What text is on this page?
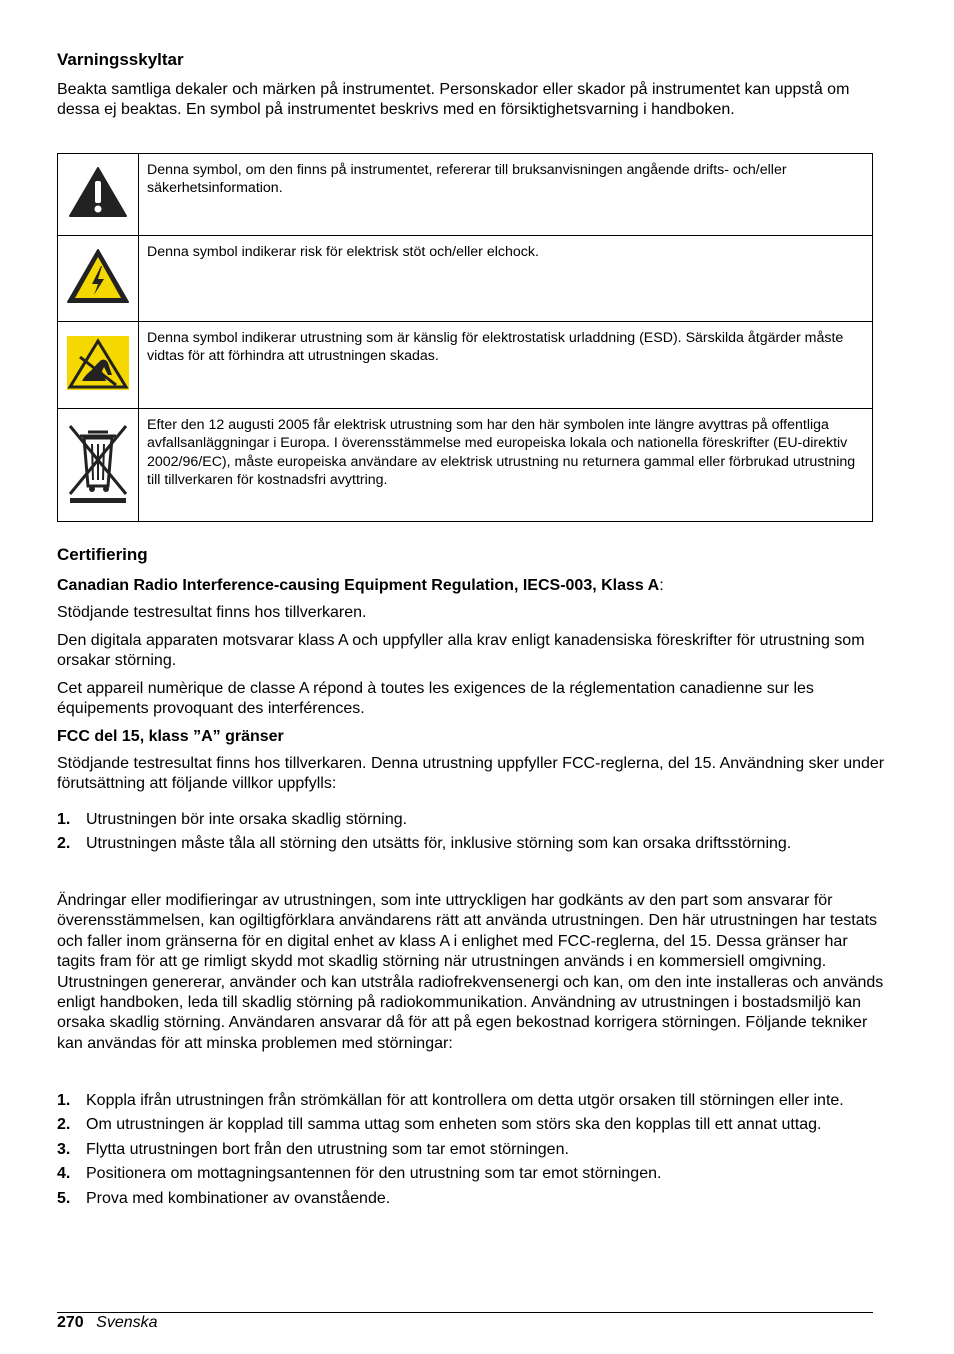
Varningsskyltar
Beakta samtliga dekaler och märken på instrumentet. Personskador eller skador på instrumentet kan uppstå om dessa ej beaktas. En symbol på instrumentet beskrivs med en försiktighetsvarning i handboken.
	Denna symbol, om den finns på instrumentet, refererar till bruksanvisningen angående drifts- och/eller säkerhetsinformation.
	Denna symbol indikerar risk för elektrisk stöt och/eller elchock.
	Denna symbol indikerar utrustning som är känslig för elektrostatisk urladdning (ESD). Särskilda åtgärder måste vidtas för att förhindra att utrustningen skadas.
	Efter den 12 augusti 2005 får elektrisk utrustning som har den här symbolen inte längre avyttras på offentliga avfallsanläggningar i Europa. I överensstämmelse med europeiska lokala och nationella föreskrifter (EU-direktiv 2002/96/EC), måste europeiska användare av elektrisk utrustning nu returnera gammal eller förbrukad utrustning till tillverkaren för kostnadsfri avyttring.
Certifiering
Canadian Radio Interference-causing Equipment Regulation, IECS-003, Klass A:
Stödjande testresultat finns hos tillverkaren.
Den digitala apparaten motsvarar klass A och uppfyller alla krav enligt kanadensiska föreskrifter för utrustning som orsakar störning.
Cet appareil numèrique de classe A répond à toutes les exigences de la réglementation canadienne sur les équipements provoquant des interférences.
FCC del 15, klass ”A” gränser
Stödjande testresultat finns hos tillverkaren. Denna utrustning uppfyller FCC-reglerna, del 15. Användning sker under förutsättning att följande villkor uppfylls:
1. Utrustningen bör inte orsaka skadlig störning.
2. Utrustningen måste tåla all störning den utsätts för, inklusive störning som kan orsaka driftsstörning.
Ändringar eller modifieringar av utrustningen, som inte uttryckligen har godkänts av den part som ansvarar för överensstämmelsen, kan ogiltigförklara användarens rätt att använda utrustningen. Den här utrustningen har testats och faller inom gränserna för en digital enhet av klass A i enlighet med FCC-reglerna, del 15. Dessa gränser har tagits fram för att ge rimligt skydd mot skadlig störning när utrustningen används i en kommersiell omgivning. Utrustningen genererar, använder och kan utstråla radiofrekvensenergi och kan, om den inte installeras och används enligt handboken, leda till skadlig störning på radiokommunikation. Användning av utrustningen i bostadsmiljö kan orsaka skadlig störning. Användaren ansvarar då för att på egen bekostnad korrigera störningen. Följande tekniker kan användas för att minska problemen med störningar:
1. Koppla ifrån utrustningen från strömkällan för att kontrollera om detta utgör orsaken till störningen eller inte.
2. Om utrustningen är kopplad till samma uttag som enheten som störs ska den kopplas till ett annat uttag.
3. Flytta utrustningen bort från den utrustning som tar emot störningen.
4. Positionera om mottagningsantennen för den utrustning som tar emot störningen.
5. Prova med kombinationer av ovanstående.
270 Svenska
